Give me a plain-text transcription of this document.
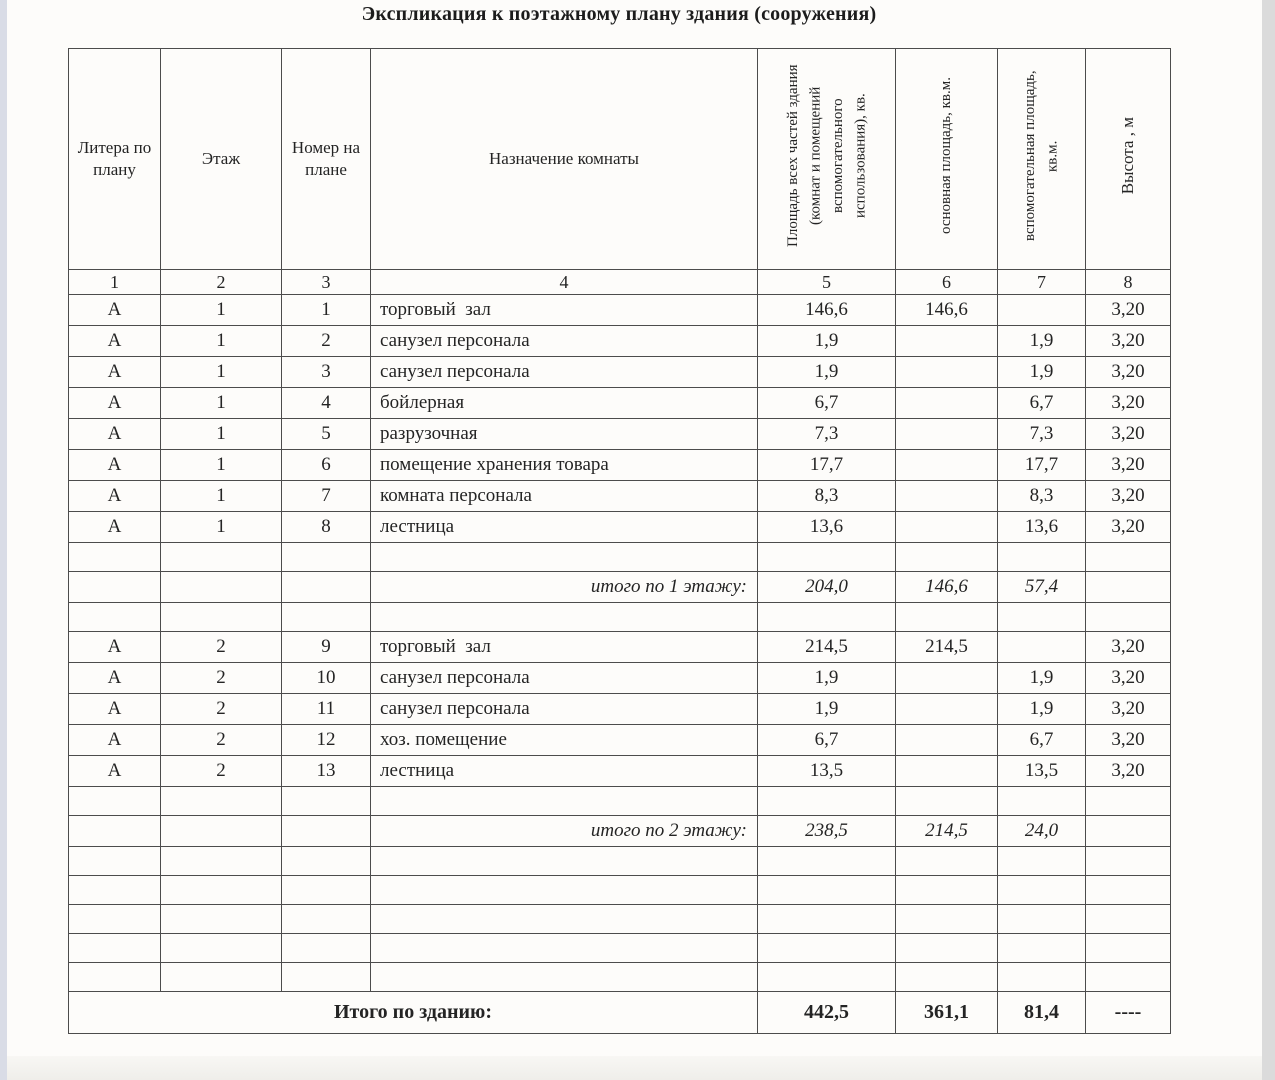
Экспликация к поэтажному плану здания (сооружения)
Литера по плану	Этаж	Номер на плане	Назначение комнаты	Площадь всех частей здания (комнат и помещений вспомогательного использования), кв.	основная площадь, кв.м.	вспомогательная площадь, кв.м.	Высота , м
1	2	3	4	5	6	7	8
А	1	1	торговый  зал	146,6	146,6		3,20
А	1	2	санузел персонала	1,9		1,9	3,20
А	1	3	санузел персонала	1,9		1,9	3,20
А	1	4	бойлерная	6,7		6,7	3,20
А	1	5	разрузочная	7,3		7,3	3,20
А	1	6	помещение хранения товара	17,7		17,7	3,20
А	1	7	комната персонала	8,3		8,3	3,20
А	1	8	лестница	13,6		13,6	3,20

			итого по 1 этажу:	204,0	146,6	57,4	

А	2	9	торговый  зал	214,5	214,5		3,20
А	2	10	санузел персонала	1,9		1,9	3,20
А	2	11	санузел персонала	1,9		1,9	3,20
А	2	12	хоз. помещение	6,7		6,7	3,20
А	2	13	лестница	13,5		13,5	3,20

			итого по 2 этажу:	238,5	214,5	24,0	

Итого по зданию:				442,5	361,1	81,4	----
